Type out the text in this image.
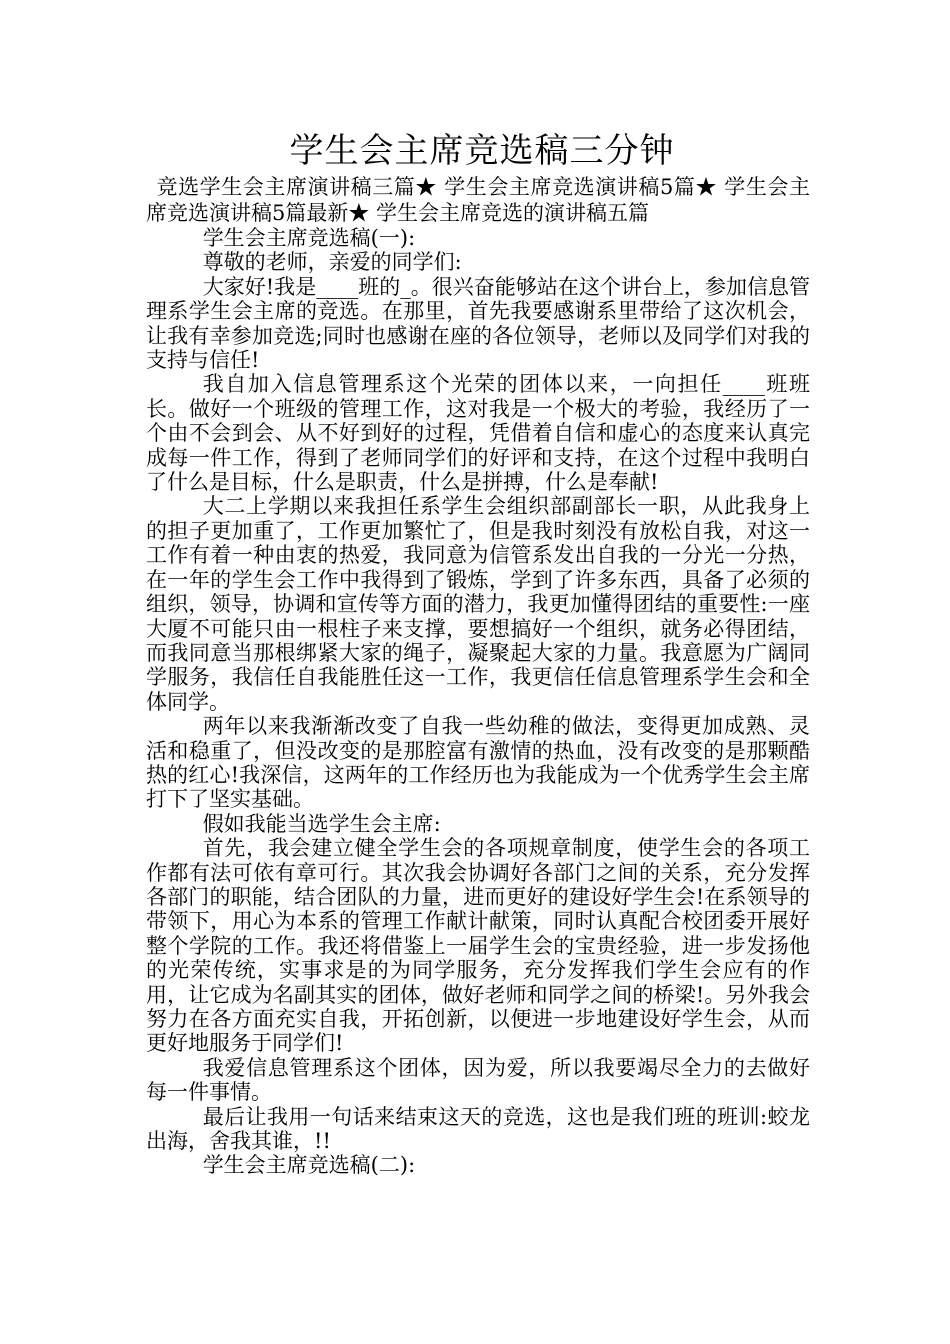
学生会主席竞选稿三分钟

竞选学生会主席演讲稿三篇★ 学生会主席竞选演讲稿5篇★ 学生会主席竞选演讲稿5篇最新★ 学生会主席竞选的演讲稿五篇

学生会主席竞选稿(一):

尊敬的老师，亲爱的同学们:

大家好!我是____班的_。很兴奋能够站在这个讲台上，参加信息管理系学生会主席的竞选。在那里，首先我要感谢系里带给了这次机会，让我有幸参加竞选;同时也感谢在座的各位领导，老师以及同学们对我的支持与信任!

我自加入信息管理系这个光荣的团体以来，一向担任____班班长。做好一个班级的管理工作，这对我是一个极大的考验，我经历了一个由不会到会、从不好到好的过程，凭借着自信和虚心的态度来认真完成每一件工作，得到了老师同学们的好评和支持，在这个过程中我明白了什么是目标，什么是职责，什么是拼搏，什么是奉献!

大二上学期以来我担任系学生会组织部副部长一职，从此我身上的担子更加重了，工作更加繁忙了，但是我时刻没有放松自我，对这一工作有着一种由衷的热爱，我同意为信管系发出自我的一分光一分热，在一年的学生会工作中我得到了锻炼，学到了许多东西，具备了必须的组织，领导，协调和宣传等方面的潜力，我更加懂得团结的重要性:一座大厦不可能只由一根柱子来支撑，要想搞好一个组织，就务必得团结，而我同意当那根绑紧大家的绳子，凝聚起大家的力量。我意愿为广阔同学服务，我信任自我能胜任这一工作，我更信任信息管理系学生会和全体同学。

两年以来我渐渐改变了自我一些幼稚的做法，变得更加成熟、灵活和稳重了，但没改变的是那腔富有激情的热血，没有改变的是那颗酷热的红心!我深信，这两年的工作经历也为我能成为一个优秀学生会主席打下了坚实基础。

假如我能当选学生会主席:

首先，我会建立健全学生会的各项规章制度，使学生会的各项工作都有法可依有章可行。其次我会协调好各部门之间的关系，充分发挥各部门的职能，结合团队的力量，进而更好的建设好学生会!在系领导的带领下，用心为本系的管理工作献计献策，同时认真配合校团委开展好整个学院的工作。我还将借鉴上一届学生会的宝贵经验，进一步发扬他的光荣传统，实事求是的为同学服务，充分发挥我们学生会应有的作用，让它成为名副其实的团体，做好老师和同学之间的桥梁!。另外我会努力在各方面充实自我，开拓创新，以便进一步地建设好学生会，从而更好地服务于同学们!

我爱信息管理系这个团体，因为爱，所以我要竭尽全力的去做好每一件事情。

最后让我用一句话来结束这天的竞选，这也是我们班的班训:蛟龙出海，舍我其谁，!!

学生会主席竞选稿(二):
